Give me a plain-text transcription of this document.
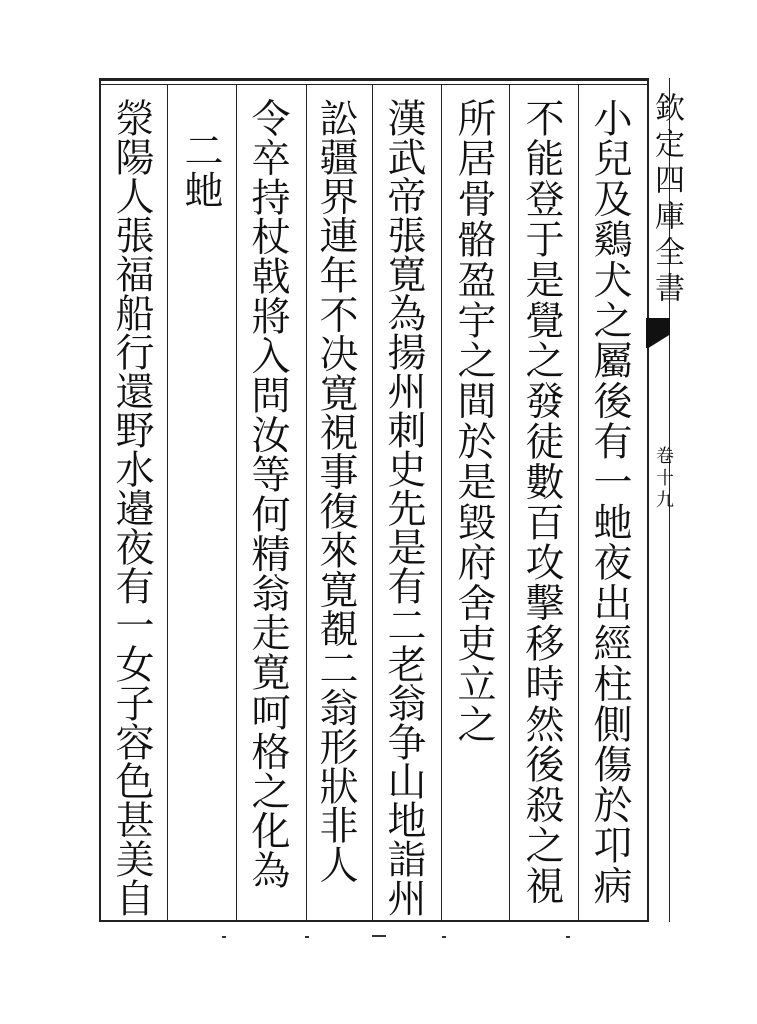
欽定四庫全書
卷十九
小兒及鷄犬之屬後有一虵夜出經柱側傷於卭病
不能登于是覺之發徒數百攻擊移時然後殺之視
所居骨骼盈宇之間於是毀府舍吏立之
漢武帝張寛為揚州刺史先是有二老翁争山地詣州
訟疆界連年不决寛視事復來寛覩二翁形狀非人
令卒持杖戟將入問汝等何精翁走寛呵格之化為
二虵
滎陽人張福船行還野水邉夜有一女子容色甚美自
